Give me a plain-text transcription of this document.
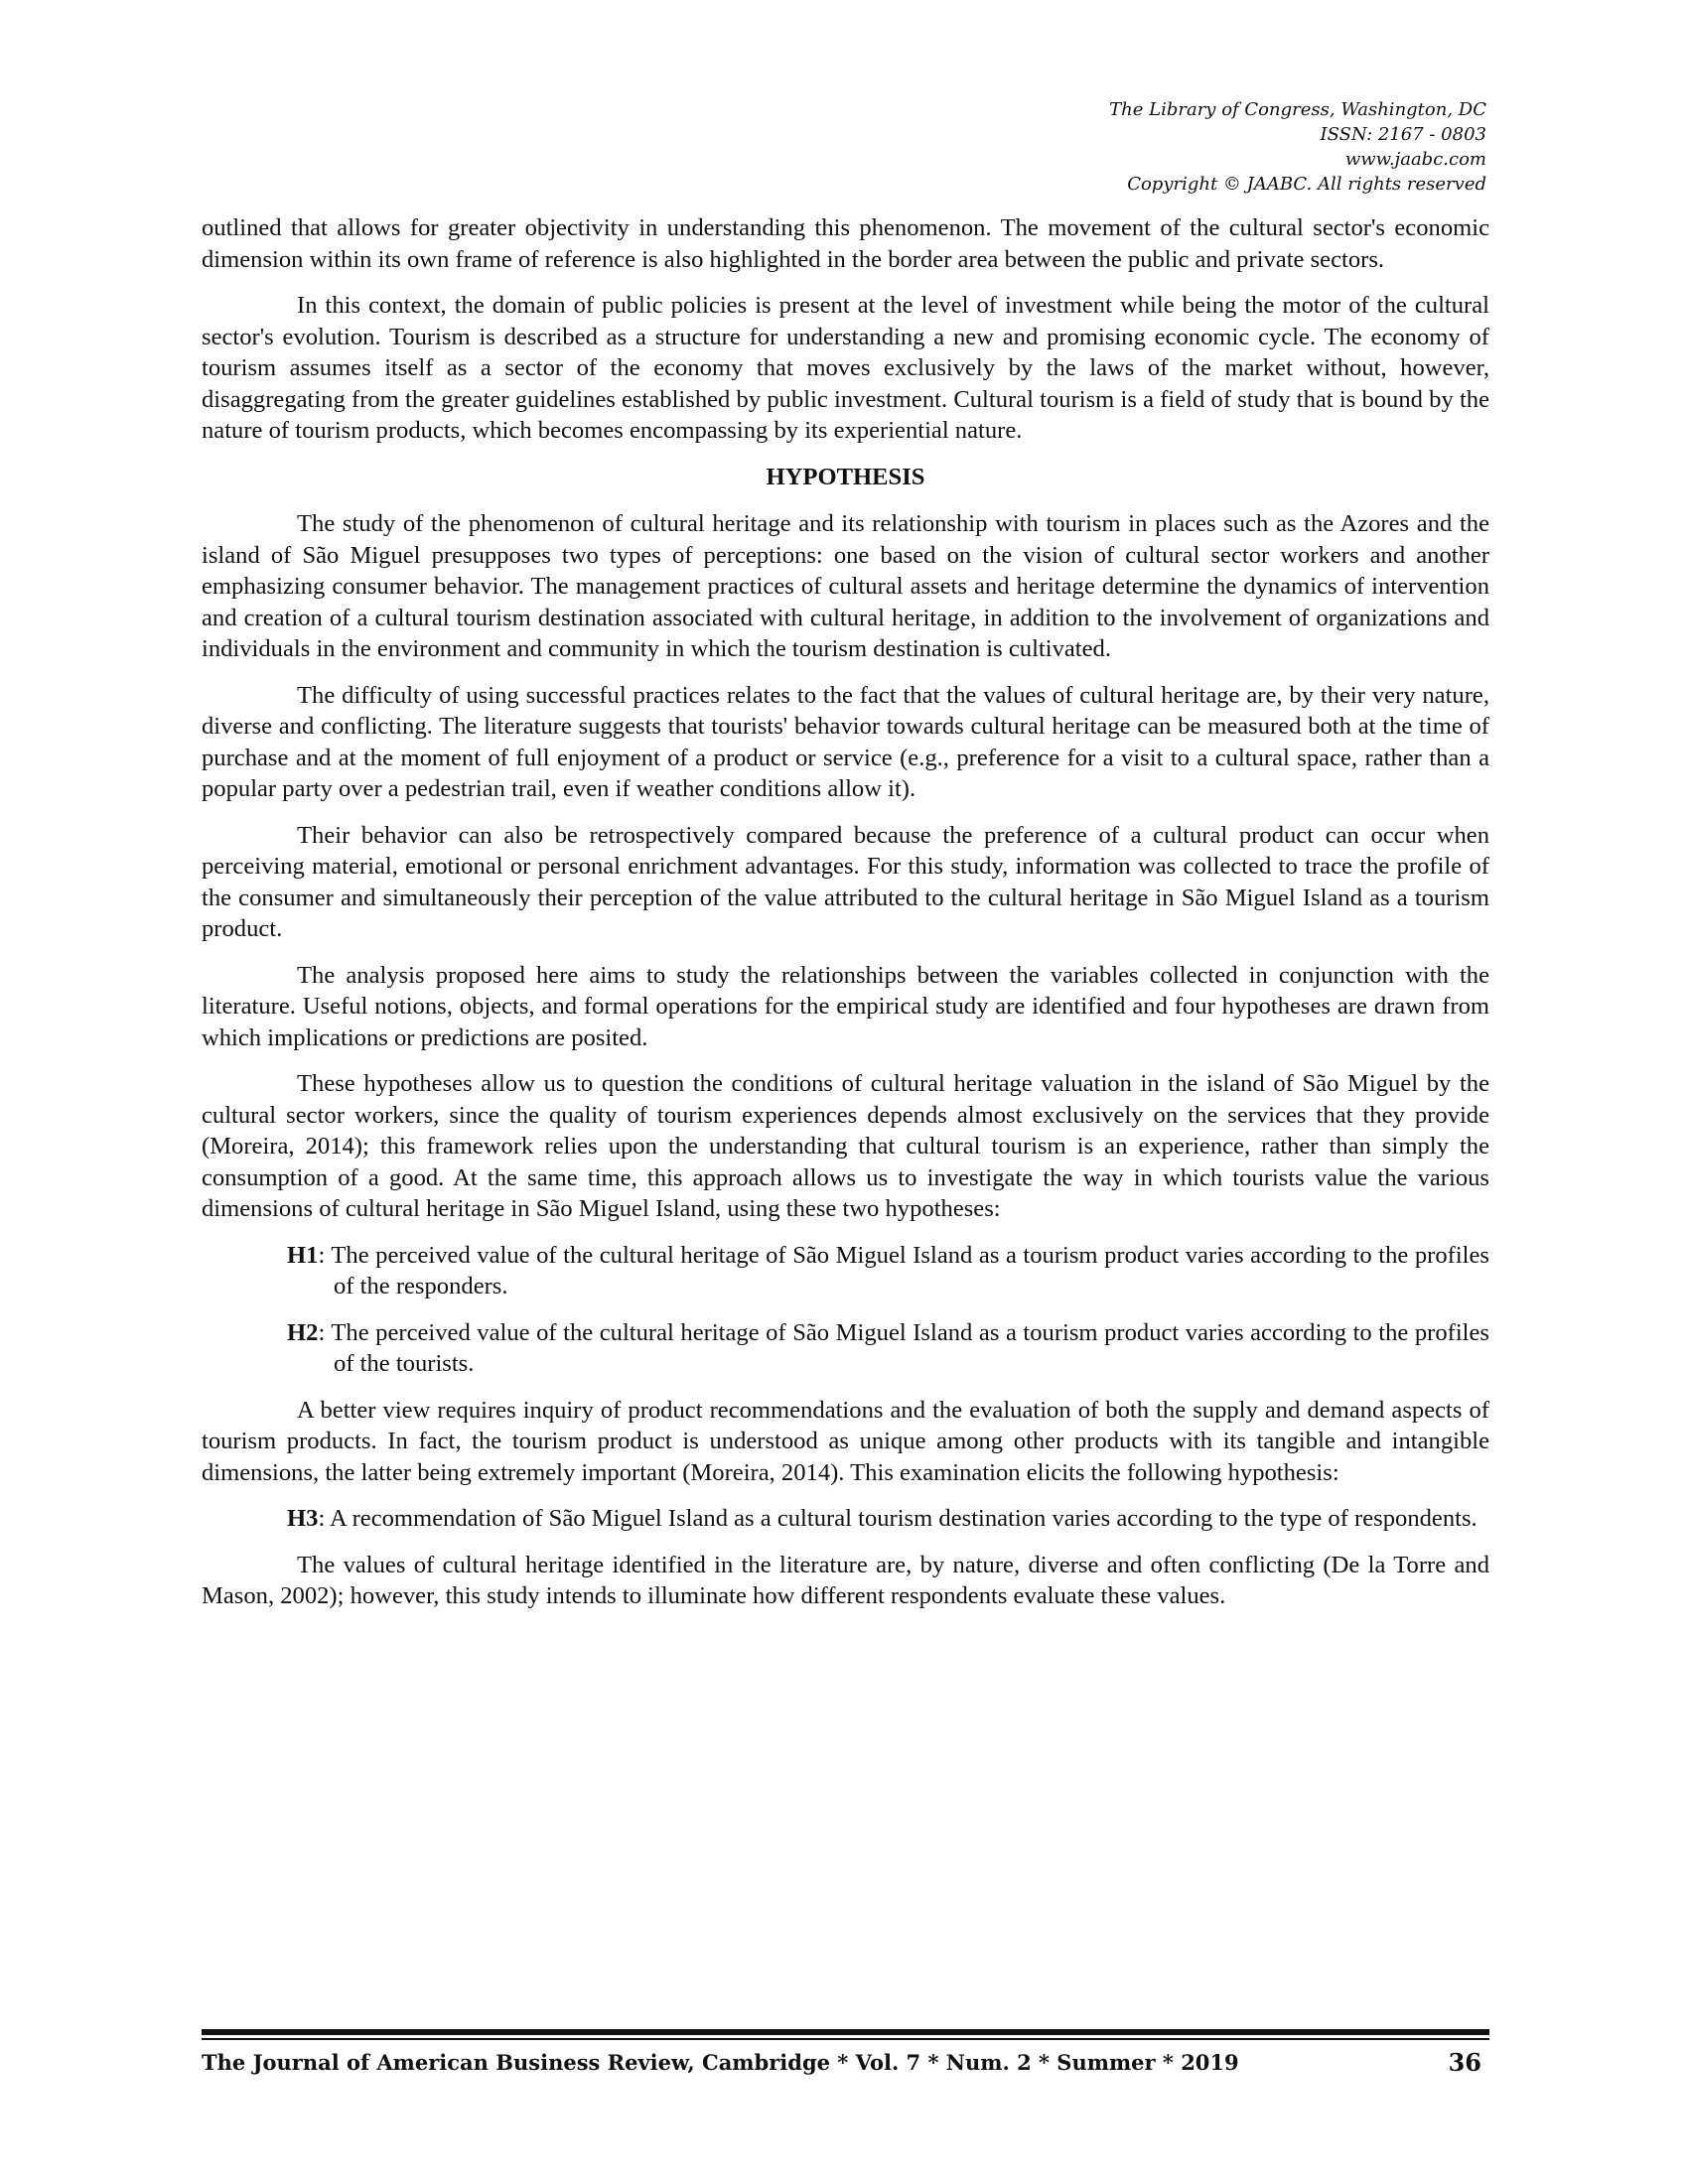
The Library of Congress, Washington, DC
ISSN: 2167 - 0803
www.jaabc.com
Copyright © JAABC. All rights reserved

outlined that allows for greater objectivity in understanding this phenomenon. The movement of the cultural sector's economic dimension within its own frame of reference is also highlighted in the border area between the public and private sectors.

In this context, the domain of public policies is present at the level of investment while being the motor of the cultural sector's evolution. Tourism is described as a structure for understanding a new and promising economic cycle. The economy of tourism assumes itself as a sector of the economy that moves exclusively by the laws of the market without, however, disaggregating from the greater guidelines established by public investment. Cultural tourism is a field of study that is bound by the nature of tourism products, which becomes encompassing by its experiential nature.

HYPOTHESIS

The study of the phenomenon of cultural heritage and its relationship with tourism in places such as the Azores and the island of São Miguel presupposes two types of perceptions: one based on the vision of cultural sector workers and another emphasizing consumer behavior. The management practices of cultural assets and heritage determine the dynamics of intervention and creation of a cultural tourism destination associated with cultural heritage, in addition to the involvement of organizations and individuals in the environment and community in which the tourism destination is cultivated.

The difficulty of using successful practices relates to the fact that the values of cultural heritage are, by their very nature, diverse and conflicting. The literature suggests that tourists' behavior towards cultural heritage can be measured both at the time of purchase and at the moment of full enjoyment of a product or service (e.g., preference for a visit to a cultural space, rather than a popular party over a pedestrian trail, even if weather conditions allow it).

Their behavior can also be retrospectively compared because the preference of a cultural product can occur when perceiving material, emotional or personal enrichment advantages. For this study, information was collected to trace the profile of the consumer and simultaneously their perception of the value attributed to the cultural heritage in São Miguel Island as a tourism product.

The analysis proposed here aims to study the relationships between the variables collected in conjunction with the literature. Useful notions, objects, and formal operations for the empirical study are identified and four hypotheses are drawn from which implications or predictions are posited.

These hypotheses allow us to question the conditions of cultural heritage valuation in the island of São Miguel by the cultural sector workers, since the quality of tourism experiences depends almost exclusively on the services that they provide (Moreira, 2014); this framework relies upon the understanding that cultural tourism is an experience, rather than simply the consumption of a good. At the same time, this approach allows us to investigate the way in which tourists value the various dimensions of cultural heritage in São Miguel Island, using these two hypotheses:

H1: The perceived value of the cultural heritage of São Miguel Island as a tourism product varies according to the profiles of the responders.

H2: The perceived value of the cultural heritage of São Miguel Island as a tourism product varies according to the profiles of the tourists.

A better view requires inquiry of product recommendations and the evaluation of both the supply and demand aspects of tourism products. In fact, the tourism product is understood as unique among other products with its tangible and intangible dimensions, the latter being extremely important (Moreira, 2014). This examination elicits the following hypothesis:

H3: A recommendation of São Miguel Island as a cultural tourism destination varies according to the type of respondents.

The values of cultural heritage identified in the literature are, by nature, diverse and often conflicting (De la Torre and Mason, 2002); however, this study intends to illuminate how different respondents evaluate these values.

The Journal of American Business Review, Cambridge * Vol. 7 * Num. 2 * Summer * 2019	36
